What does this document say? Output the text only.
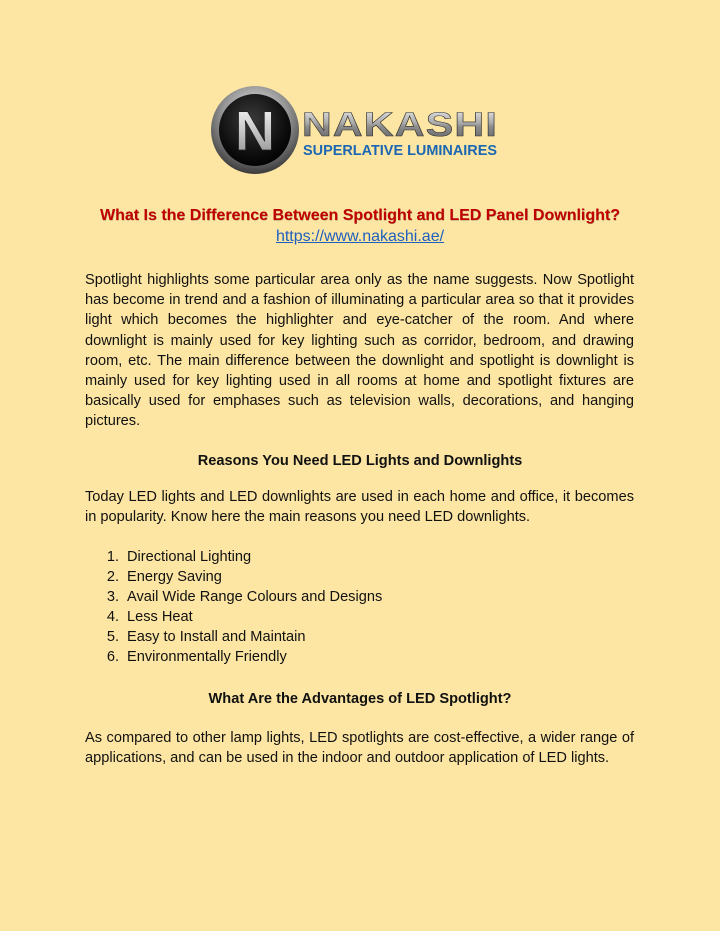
N NAKASHI
SUPERLATIVE LUMINAIRES

What Is the Difference Between Spotlight and LED Panel Downlight?

https://www.nakashi.ae/

Spotlight highlights some particular area only as the name suggests. Now Spotlight has become in trend and a fashion of illuminating a particular area so that it provides light which becomes the highlighter and eye-catcher of the room. And where downlight is mainly used for key lighting such as corridor, bedroom, and drawing room, etc. The main difference between the downlight and spotlight is downlight is mainly used for key lighting used in all rooms at home and spotlight fixtures are basically used for emphases such as television walls, decorations, and hanging pictures.

Reasons You Need LED Lights and Downlights

Today LED lights and LED downlights are used in each home and office, it becomes in popularity. Know here the main reasons you need LED downlights.

1. Directional Lighting
2. Energy Saving
3. Avail Wide Range Colours and Designs
4. Less Heat
5. Easy to Install and Maintain
6. Environmentally Friendly

What Are the Advantages of LED Spotlight?

As compared to other lamp lights, LED spotlights are cost-effective, a wider range of applications, and can be used in the indoor and outdoor application of LED lights.
